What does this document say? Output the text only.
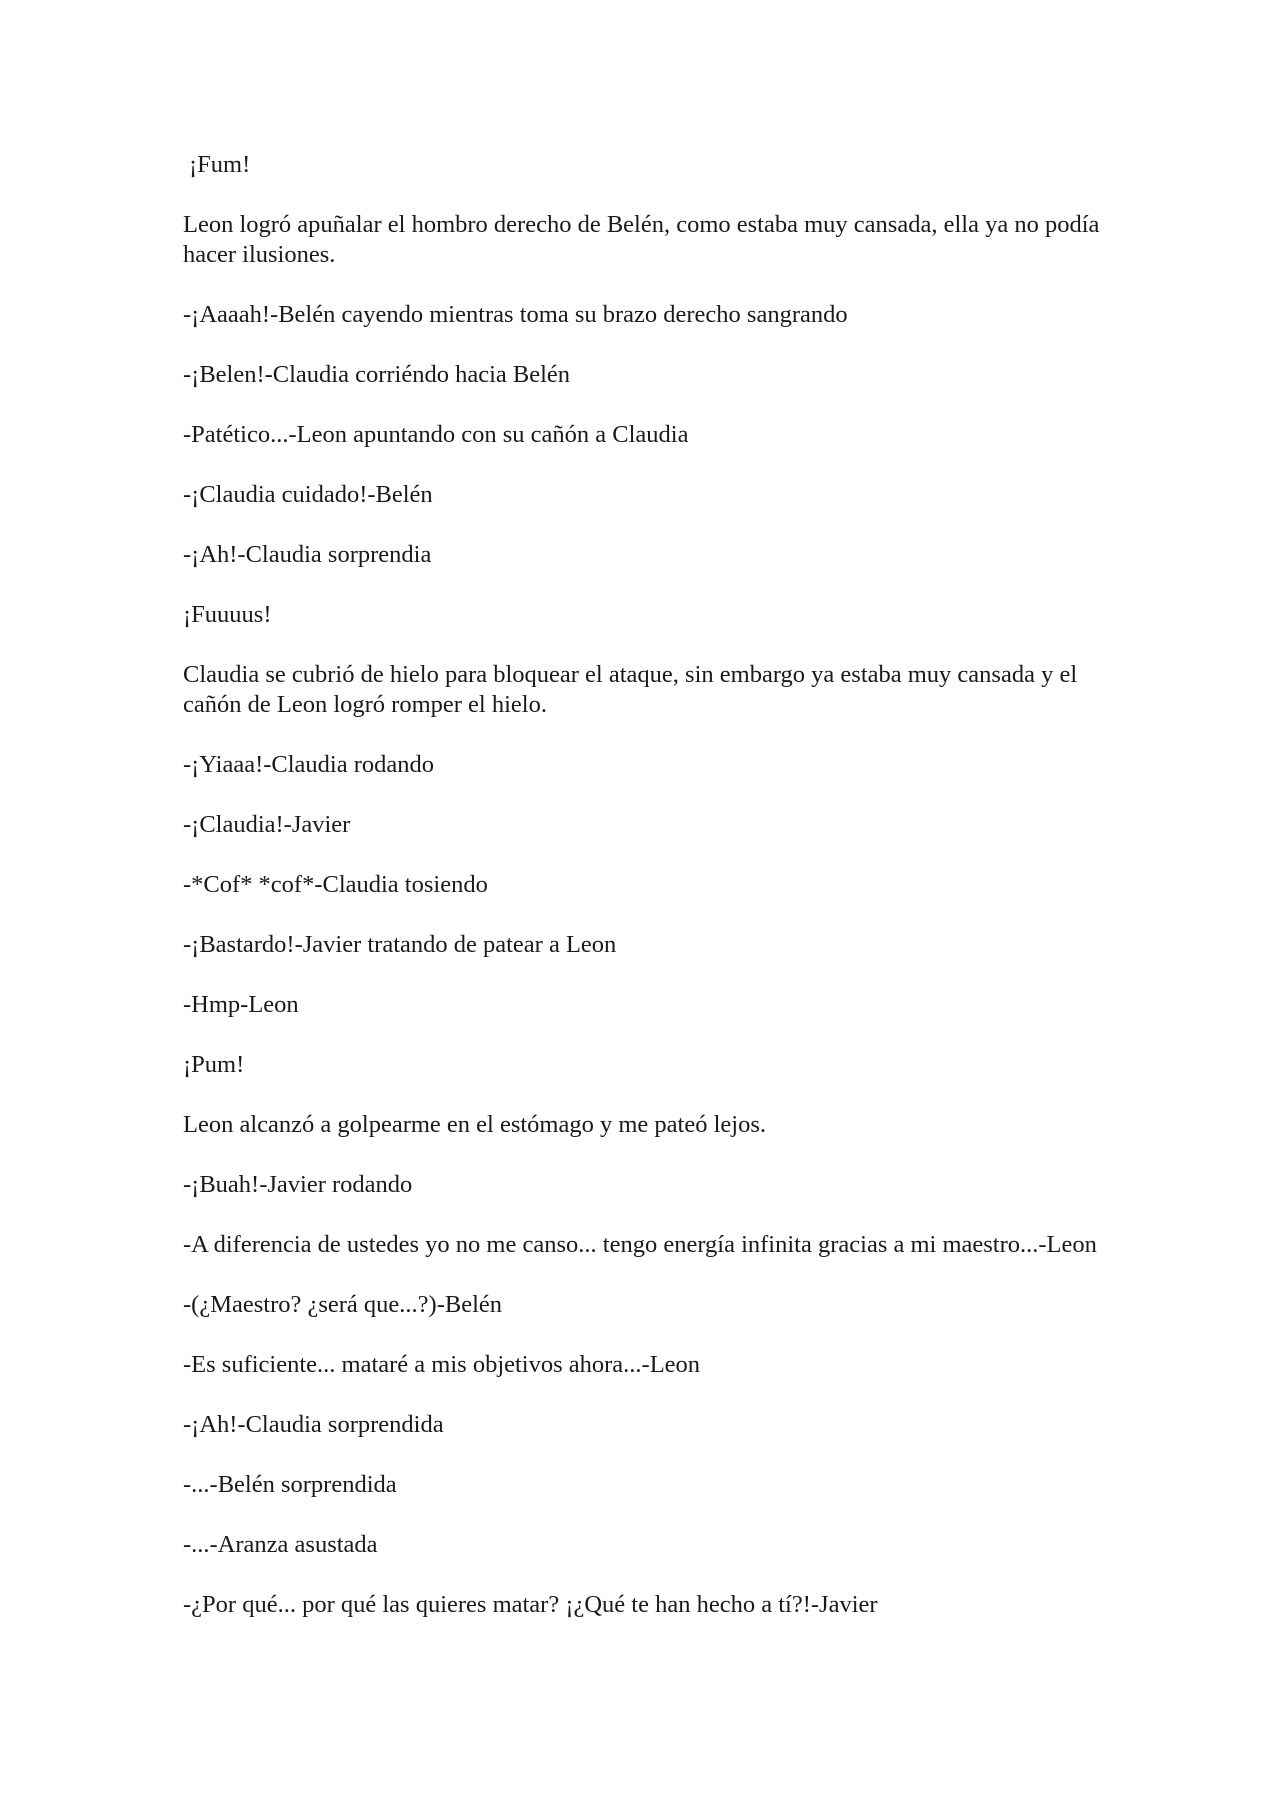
¡Fum!

Leon logró apuñalar el hombro derecho de Belén, como estaba muy cansada, ella ya no podía hacer ilusiones.

-¡Aaaah!-Belén cayendo mientras toma su brazo derecho sangrando

-¡Belen!-Claudia corriéndo hacia Belén

-Patético...-Leon apuntando con su cañón a Claudia

-¡Claudia cuidado!-Belén

-¡Ah!-Claudia sorprendia

¡Fuuuus!

Claudia se cubrió de hielo para bloquear el ataque, sin embargo ya estaba muy cansada y el cañón de Leon logró romper el hielo.

-¡Yiaaa!-Claudia rodando

-¡Claudia!-Javier

-*Cof* *cof*-Claudia tosiendo

-¡Bastardo!-Javier tratando de patear a Leon

-Hmp-Leon

¡Pum!

Leon alcanzó a golpearme en el estómago y me pateó lejos.

-¡Buah!-Javier rodando

-A diferencia de ustedes yo no me canso... tengo energía infinita gracias a mi maestro...-Leon

-(¿Maestro? ¿será que...?)-Belén

-Es suficiente... mataré a mis objetivos ahora...-Leon

-¡Ah!-Claudia sorprendida

-...-Belén sorprendida

-...-Aranza asustada

-¿Por qué... por qué las quieres matar? ¡¿Qué te han hecho a tí?!-Javier
